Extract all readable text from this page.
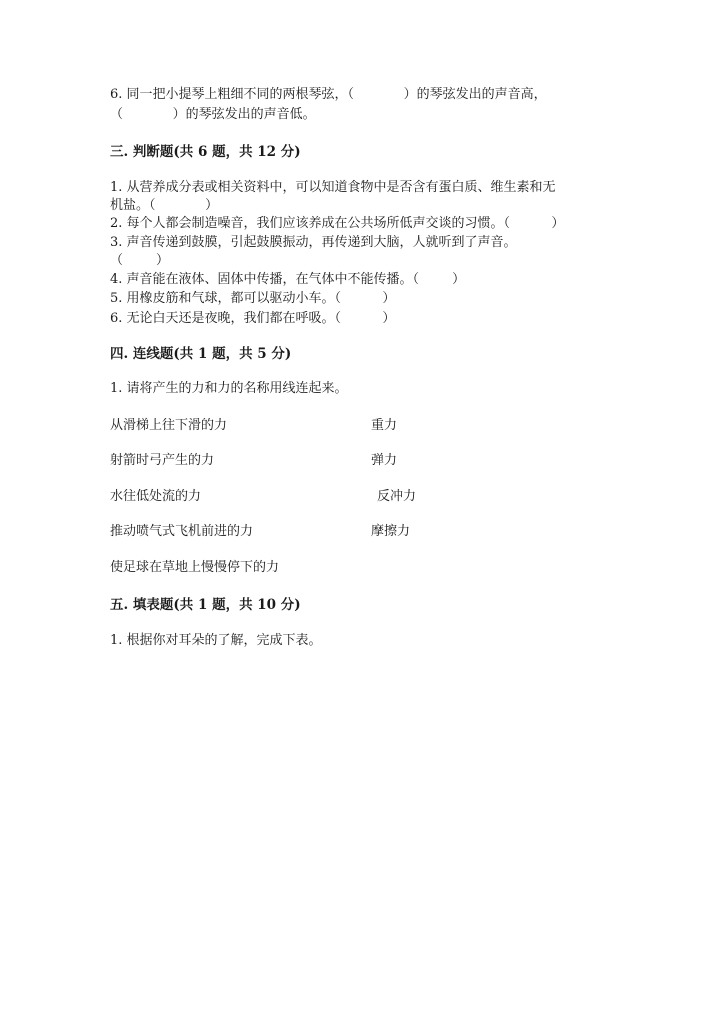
6. 同一把小提琴上粗细不同的两根琴弦，（            ）的琴弦发出的声音高，
（            ）的琴弦发出的声音低。
三. 判断题(共 6 题，共 12 分)
1. 从营养成分表或相关资料中，可以知道食物中是否含有蛋白质、维生素和无
机盐。（            ）
2. 每个人都会制造噪音，我们应该养成在公共场所低声交谈的习惯。（          ）
3. 声音传递到鼓膜，引起鼓膜振动，再传递到大脑，人就听到了声音。
（        ）
4. 声音能在液体、固体中传播，在气体中不能传播。（        ）
5. 用橡皮筋和气球，都可以驱动小车。（          ）
6. 无论白天还是夜晚，我们都在呼吸。（          ）
四. 连线题(共 1 题，共 5 分)
1. 请将产生的力和力的名称用线连起来。
从滑梯上往下滑的力
射箭时弓产生的力
水往低处流的力
推动喷气式飞机前进的力
使足球在草地上慢慢停下的力
重力
弹力
反冲力
摩擦力
五. 填表题(共 1 题，共 10 分)
1. 根据你对耳朵的了解，完成下表。
